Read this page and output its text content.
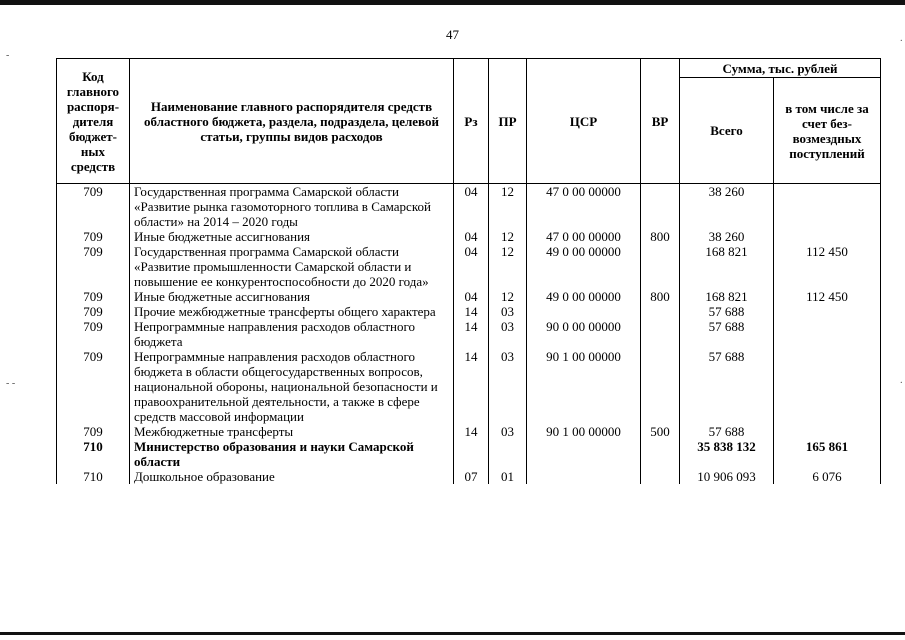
47
-
- -
·
·
Код главного распоря-дителя бюджет-ных средств	Наименование главного распорядителя средств областного бюджета, раздела, подраздела, целевой статьи, группы видов расходов	Рз	ПР	ЦСР	ВР	Сумма, тыс. рублей	
						Всего	в том числе за счет без-возмездных поступлений
709	Государственная программа Самарской области «Развитие рынка газомоторного топлива в Самарской области» на 2014 – 2020 годы	04	12	47 0 00 00000		38 260	
709	Иные бюджетные ассигнования	04	12	47 0 00 00000	800	38 260	
709	Государственная программа Самарской области «Развитие промышленности Самарской области и повышение ее конкурентоспособности до 2020 года»	04	12	49 0 00 00000		168 821	112 450
709	Иные бюджетные ассигнования	04	12	49 0 00 00000	800	168 821	112 450
709	Прочие межбюджетные трансферты общего характера	14	03			57 688	
709	Непрограммные направления расходов областного бюджета	14	03	90 0 00 00000		57 688	
709	Непрограммные направления расходов областного бюджета в области общегосударственных вопросов, национальной обороны, национальной безопасности и правоохранительной деятельности, а также в сфере средств массовой информации	14	03	90 1 00 00000		57 688	
709	Межбюджетные трансферты	14	03	90 1 00 00000	500	57 688	
710	Министерство образования и науки Самарской области					35 838 132	165 861
710	Дошкольное образование	07	01			10 906 093	6 076
